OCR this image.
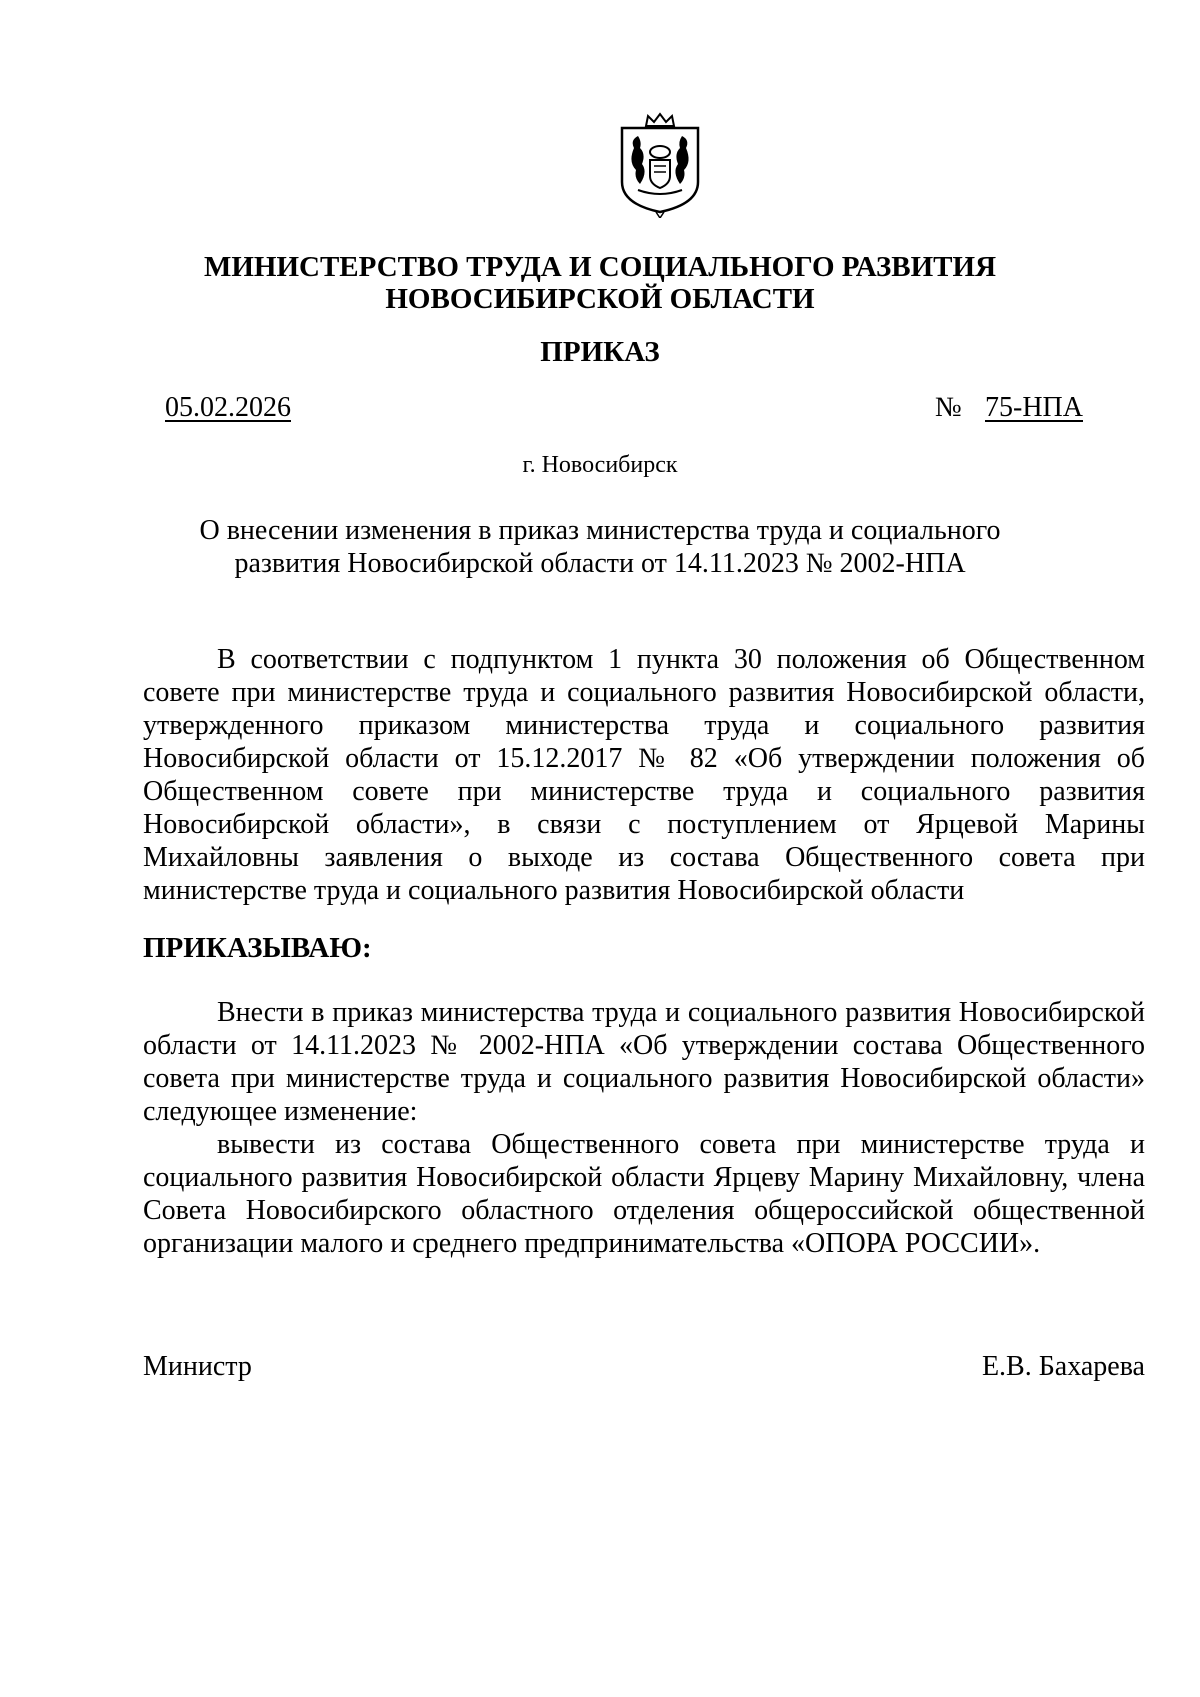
МИНИСТЕРСТВО ТРУДА И СОЦИАЛЬНОГО РАЗВИТИЯ
НОВОСИБИРСКОЙ ОБЛАСТИ
ПРИКАЗ
05.02.2026	№ 75-НПА
г. Новосибирск
О внесении изменения в приказ министерства труда и социального
развития Новосибирской области от 14.11.2023 № 2002-НПА
В соответствии с подпунктом 1 пункта 30 положения об Общественном
совете при министерстве труда и социального развития Новосибирской области,
утвержденного приказом министерства труда и социального развития
Новосибирской области от 15.12.2017 № 82 «Об утверждении положения об
Общественном совете при министерстве труда и социального развития
Новосибирской области», в связи с поступлением от Ярцевой Марины
Михайловны заявления о выходе из состава Общественного совета при
министерстве труда и социального развития Новосибирской области
ПРИКАЗЫВАЮ:
Внести в приказ министерства труда и социального развития Новосибирской
области от 14.11.2023 № 2002-НПА «Об утверждении состава Общественного
совета при министерстве труда и социального развития Новосибирской области»
следующее изменение:
вывести из состава Общественного совета при министерстве труда и
социального развития Новосибирской области Ярцеву Марину Михайловну, члена
Совета Новосибирского областного отделения общероссийской общественной
организации малого и среднего предпринимательства «ОПОРА РОССИИ».
Министр	Е.В. Бахарева
